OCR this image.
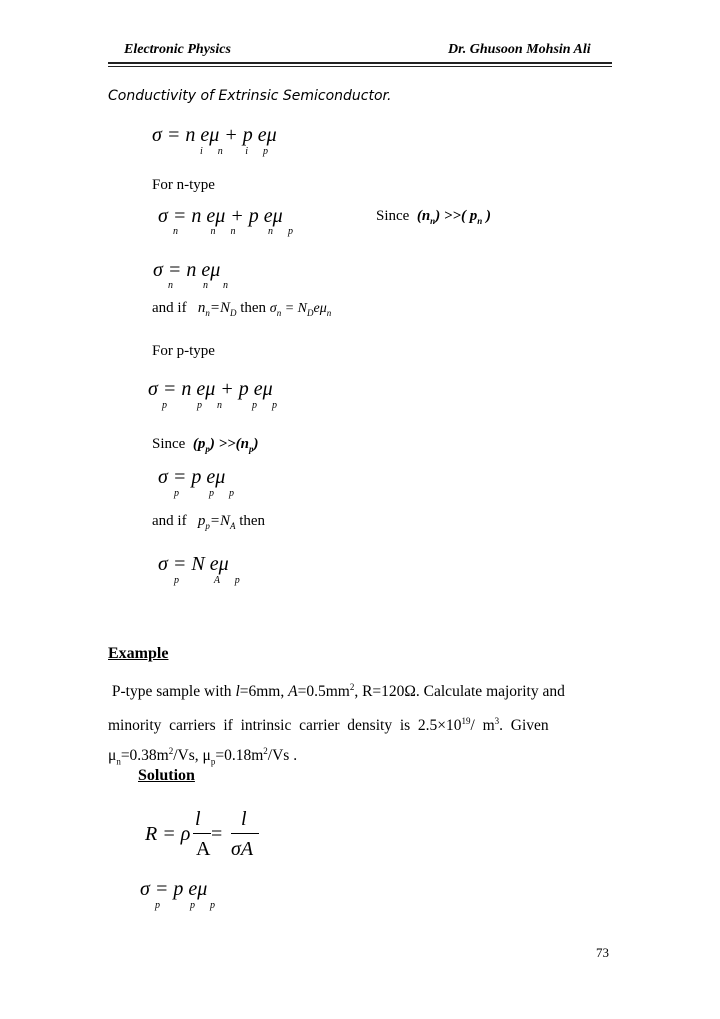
Electronic Physics	Dr. Ghusoon Mohsin Ali
Conductivity of Extrinsic Semiconductor.
σ = n eμ + p eμ
i      n         i      p
For n-type
σ = n eμ + p eμ
n             n      n             n      p
Since $(n_n)$ >>( $p_n$ )
σ = n eμ
n            n      n
and if $n_n=N_D$ then $\sigma_n = N_De\mu_n$
For p-type
σ = n eμ + p eμ
p            p      n            p      p
Since $(p_p) >>(n_p)$
σ = p eμ
p            p      p
and if $p_p=N_A$ then
σ = N eμ
p              A      p
Example
P-type sample with l=6mm, $A=0.5mm^2$, R=120Ω. Calculate majority and
minority  carriers  if  intrinsic  carrier  density  is  $2.5\times 10^{19}/$  $m^3$.  Given
$\mu_n=0.38m^2/Vs$, $\mu_p=0.18m^2/Vs$ .
Solution
R = ρ
l
A
=
l
σA
σ = p eμ
p            p      p
73
